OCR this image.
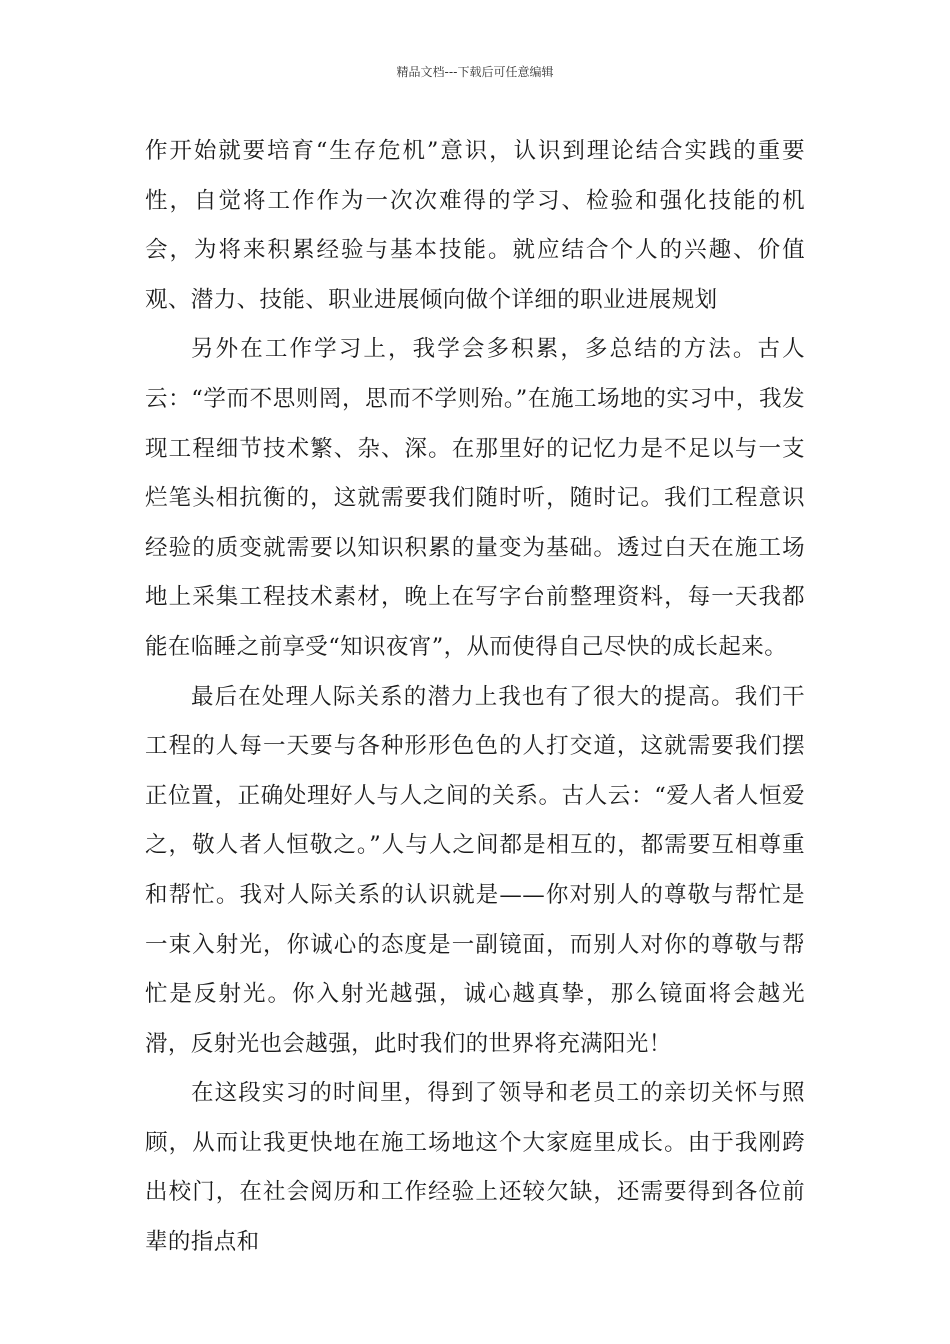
精品文档---下载后可任意编辑

作开始就要培育“生存危机”意识，认识到理论结合实践的重要性，自觉将工作作为一次次难得的学习、检验和强化技能的机会，为将来积累经验与基本技能。就应结合个人的兴趣、价值观、潜力、技能、职业进展倾向做个详细的职业进展规划

另外在工作学习上，我学会多积累，多总结的方法。古人云：“学而不思则罔，思而不学则殆。”在施工场地的实习中，我发现工程细节技术繁、杂、深。在那里好的记忆力是不足以与一支烂笔头相抗衡的，这就需要我们随时听，随时记。我们工程意识经验的质变就需要以知识积累的量变为基础。透过白天在施工场地上采集工程技术素材，晚上在写字台前整理资料，每一天我都能在临睡之前享受“知识夜宵”，从而使得自己尽快的成长起来。

最后在处理人际关系的潜力上我也有了很大的提高。我们干工程的人每一天要与各种形形色色的人打交道，这就需要我们摆正位置，正确处理好人与人之间的关系。古人云：“爱人者人恒爱之，敬人者人恒敬之。”人与人之间都是相互的，都需要互相尊重和帮忙。我对人际关系的认识就是——你对别人的尊敬与帮忙是一束入射光，你诚心的态度是一副镜面，而别人对你的尊敬与帮忙是反射光。你入射光越强，诚心越真挚，那么镜面将会越光滑，反射光也会越强，此时我们的世界将充满阳光！

在这段实习的时间里，得到了领导和老员工的亲切关怀与照顾，从而让我更快地在施工场地这个大家庭里成长。由于我刚跨出校门，在社会阅历和工作经验上还较欠缺，还需要得到各位前辈的指点和
